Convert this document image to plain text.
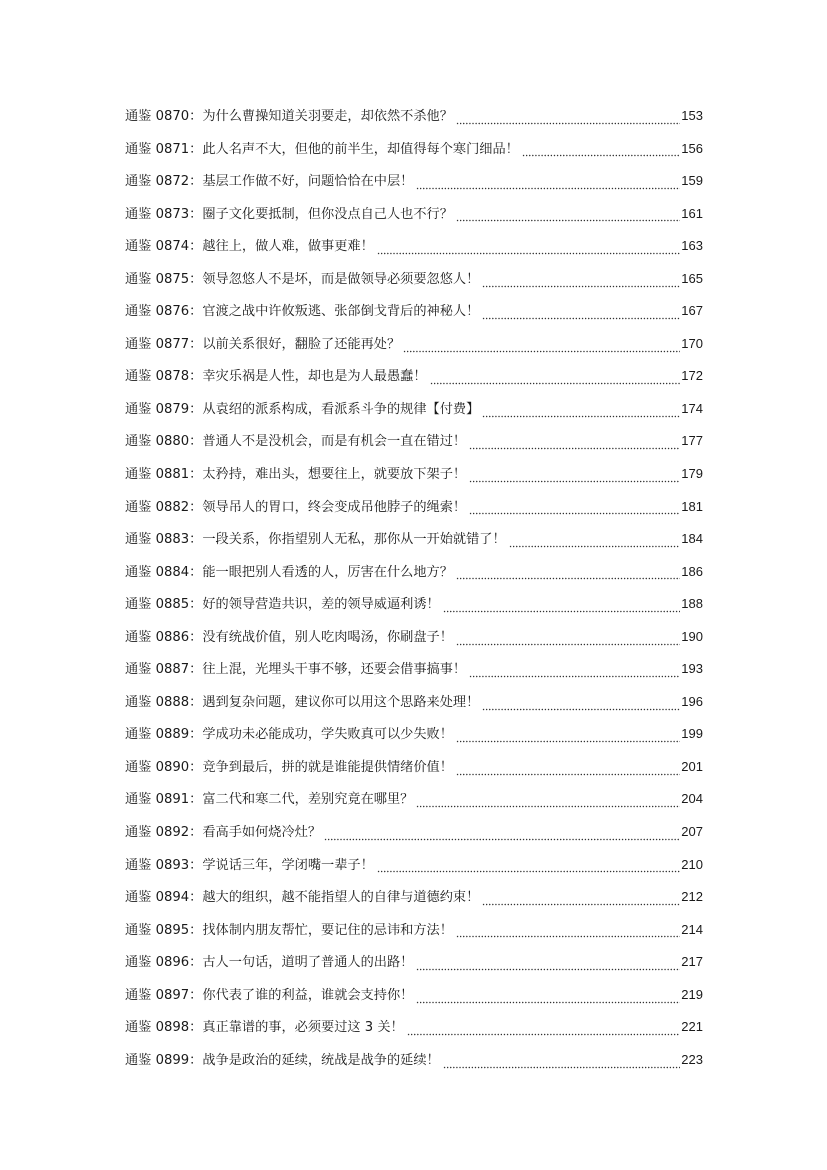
通鉴 0870： 为什么曹操知道关羽要走，却依然不杀他？	153
通鉴 0871： 此人名声不大，但他的前半生，却值得每个寒门细品！	156
通鉴 0872： 基层工作做不好，问题恰恰在中层！	159
通鉴 0873： 圈子文化要抵制，但你没点自己人也不行？	161
通鉴 0874： 越往上，做人难，做事更难！	163
通鉴 0875： 领导忽悠人不是坏，而是做领导必须要忽悠人！	165
通鉴 0876： 官渡之战中许攸叛逃、张郃倒戈背后的神秘人！	167
通鉴 0877： 以前关系很好，翻脸了还能再处？	170
通鉴 0878： 幸灾乐祸是人性，却也是为人最愚蠢！	172
通鉴 0879： 从袁绍的派系构成，看派系斗争的规律【付费】	174
通鉴 0880： 普通人不是没机会，而是有机会一直在错过！	177
通鉴 0881： 太矜持，难出头，想要往上，就要放下架子！	179
通鉴 0882： 领导吊人的胃口，终会变成吊他脖子的绳索！	181
通鉴 0883： 一段关系，你指望别人无私，那你从一开始就错了！	184
通鉴 0884： 能一眼把别人看透的人，厉害在什么地方？	186
通鉴 0885： 好的领导营造共识，差的领导威逼利诱！	188
通鉴 0886： 没有统战价值，别人吃肉喝汤，你刷盘子！	190
通鉴 0887： 往上混，光埋头干事不够，还要会借事搞事！	193
通鉴 0888： 遇到复杂问题，建议你可以用这个思路来处理！	196
通鉴 0889： 学成功未必能成功，学失败真可以少失败！	199
通鉴 0890： 竞争到最后，拼的就是谁能提供情绪价值！	201
通鉴 0891： 富二代和寒二代，差别究竟在哪里？	204
通鉴 0892： 看高手如何烧冷灶？	207
通鉴 0893： 学说话三年，学闭嘴一辈子！	210
通鉴 0894： 越大的组织，越不能指望人的自律与道德约束！	212
通鉴 0895： 找体制内朋友帮忙，要记住的忌讳和方法！	214
通鉴 0896： 古人一句话，道明了普通人的出路！	217
通鉴 0897： 你代表了谁的利益，谁就会支持你！	219
通鉴 0898： 真正靠谱的事，必须要过这 3 关！	221
通鉴 0899： 战争是政治的延续，统战是战争的延续！	223
